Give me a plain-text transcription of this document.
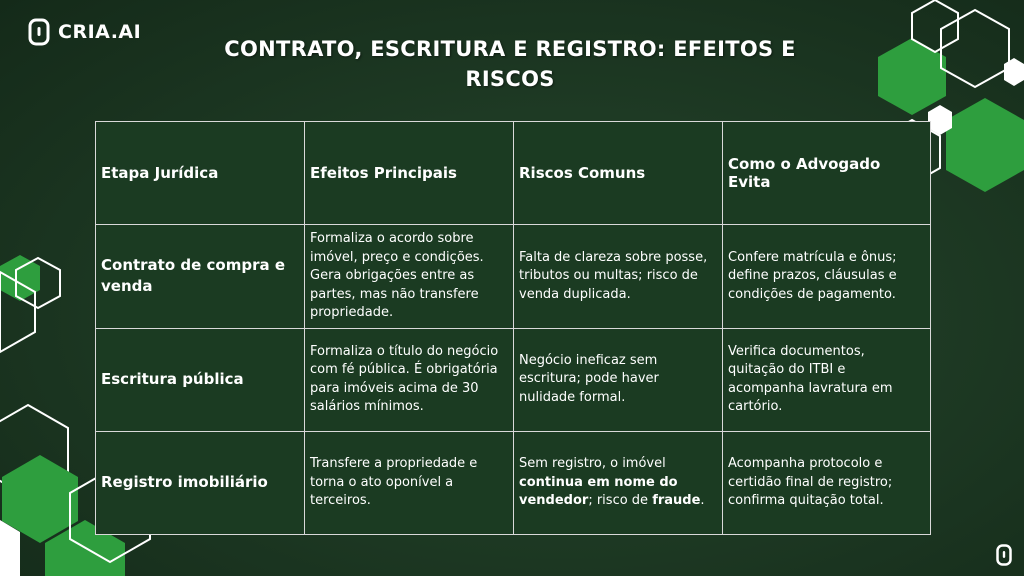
CRIA.AI
CONTRATO, ESCRITURA E REGISTRO: EFEITOS E RISCOS
Etapa Jurídica	Efeitos Principais	Riscos Comuns	Como o Advogado Evita
Contrato de compra e venda	Formaliza o acordo sobre imóvel, preço e condições. Gera obrigações entre as partes, mas não transfere propriedade.	Falta de clareza sobre posse, tributos ou multas; risco de venda duplicada.	Confere matrícula e ônus; define prazos, cláusulas e condições de pagamento.
Escritura pública	Formaliza o título do negócio com fé pública. É obrigatória para imóveis acima de 30 salários mínimos.	Negócio ineficaz sem escritura; pode haver nulidade formal.	Verifica documentos, quitação do ITBI e acompanha lavratura em cartório.
Registro imobiliário	Transfere a propriedade e torna o ato oponível a terceiros.	Sem registro, o imóvel continua em nome do vendedor; risco de fraude.	Acompanha protocolo e certidão final de registro; confirma quitação total.
